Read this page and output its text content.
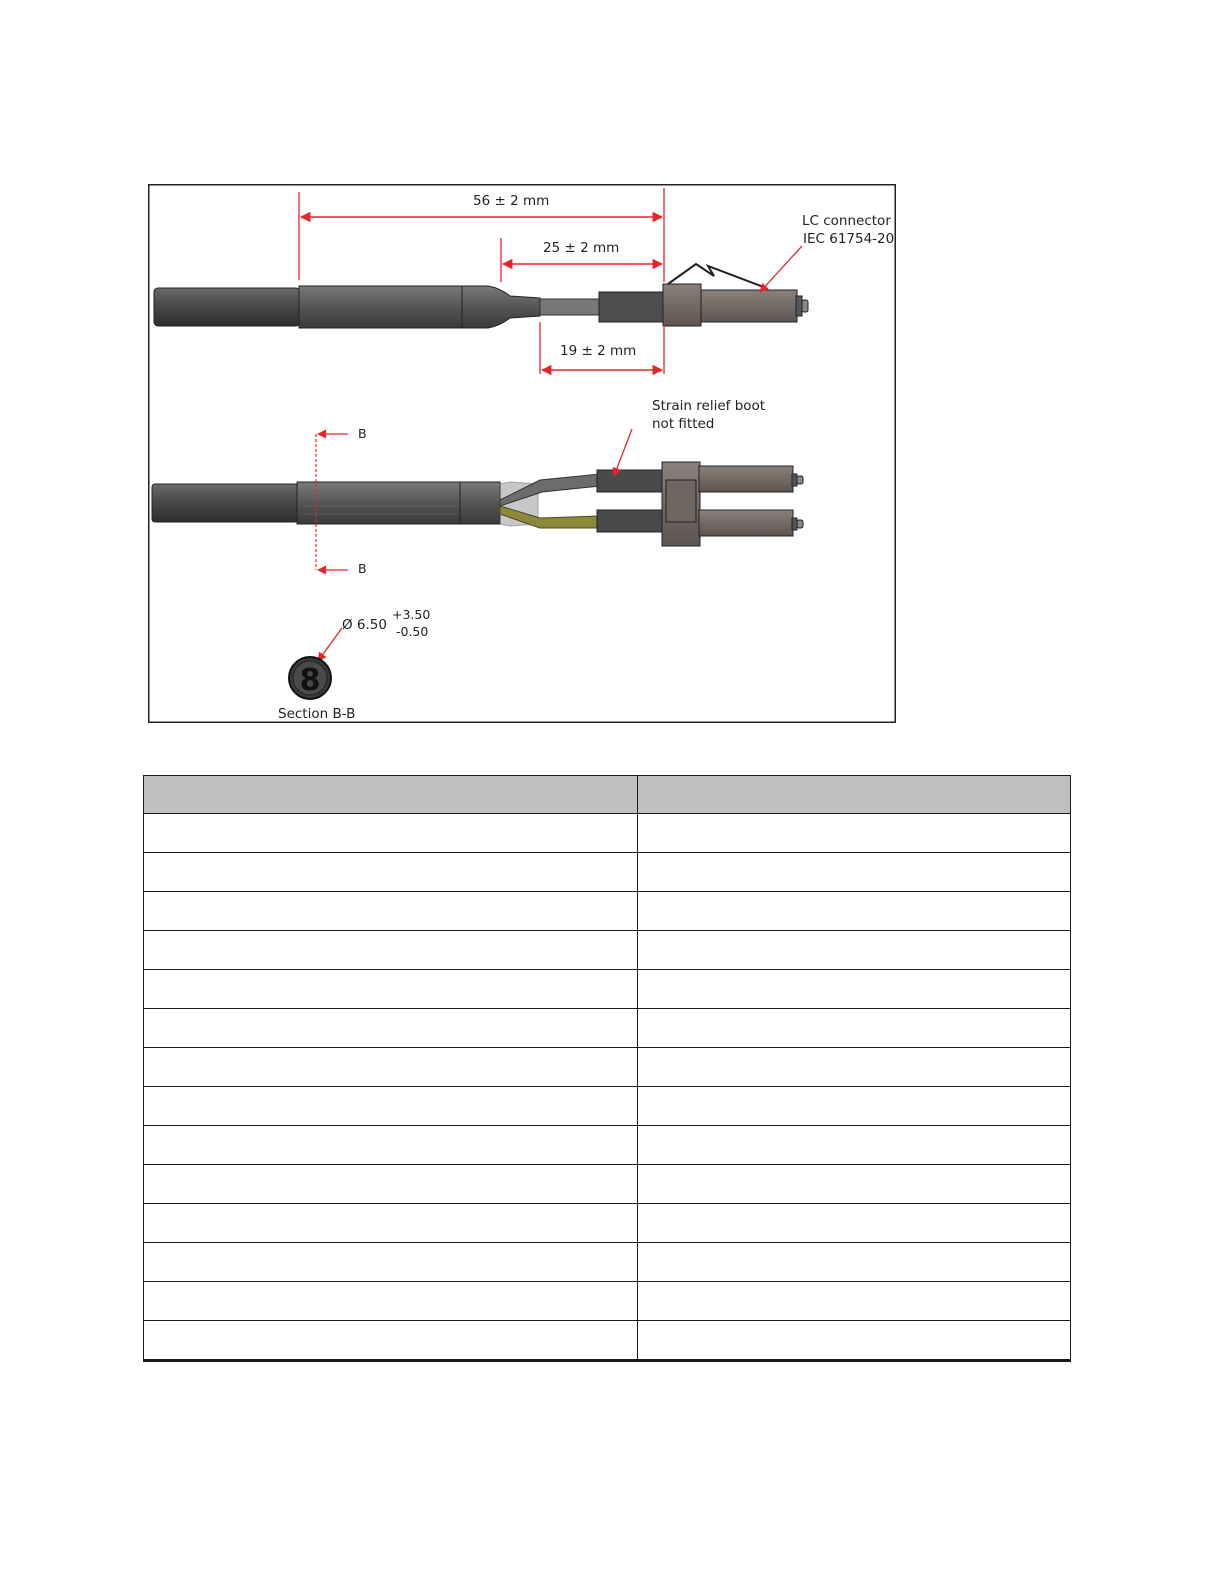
56 ± 2 mm
25 ± 2 mm
19 ± 2 mm
LC connector
IEC 61754-20
B
B
Strain relief boot
not fitted
Ø 6.50
+3.50
-0.50
8
Section B-B
